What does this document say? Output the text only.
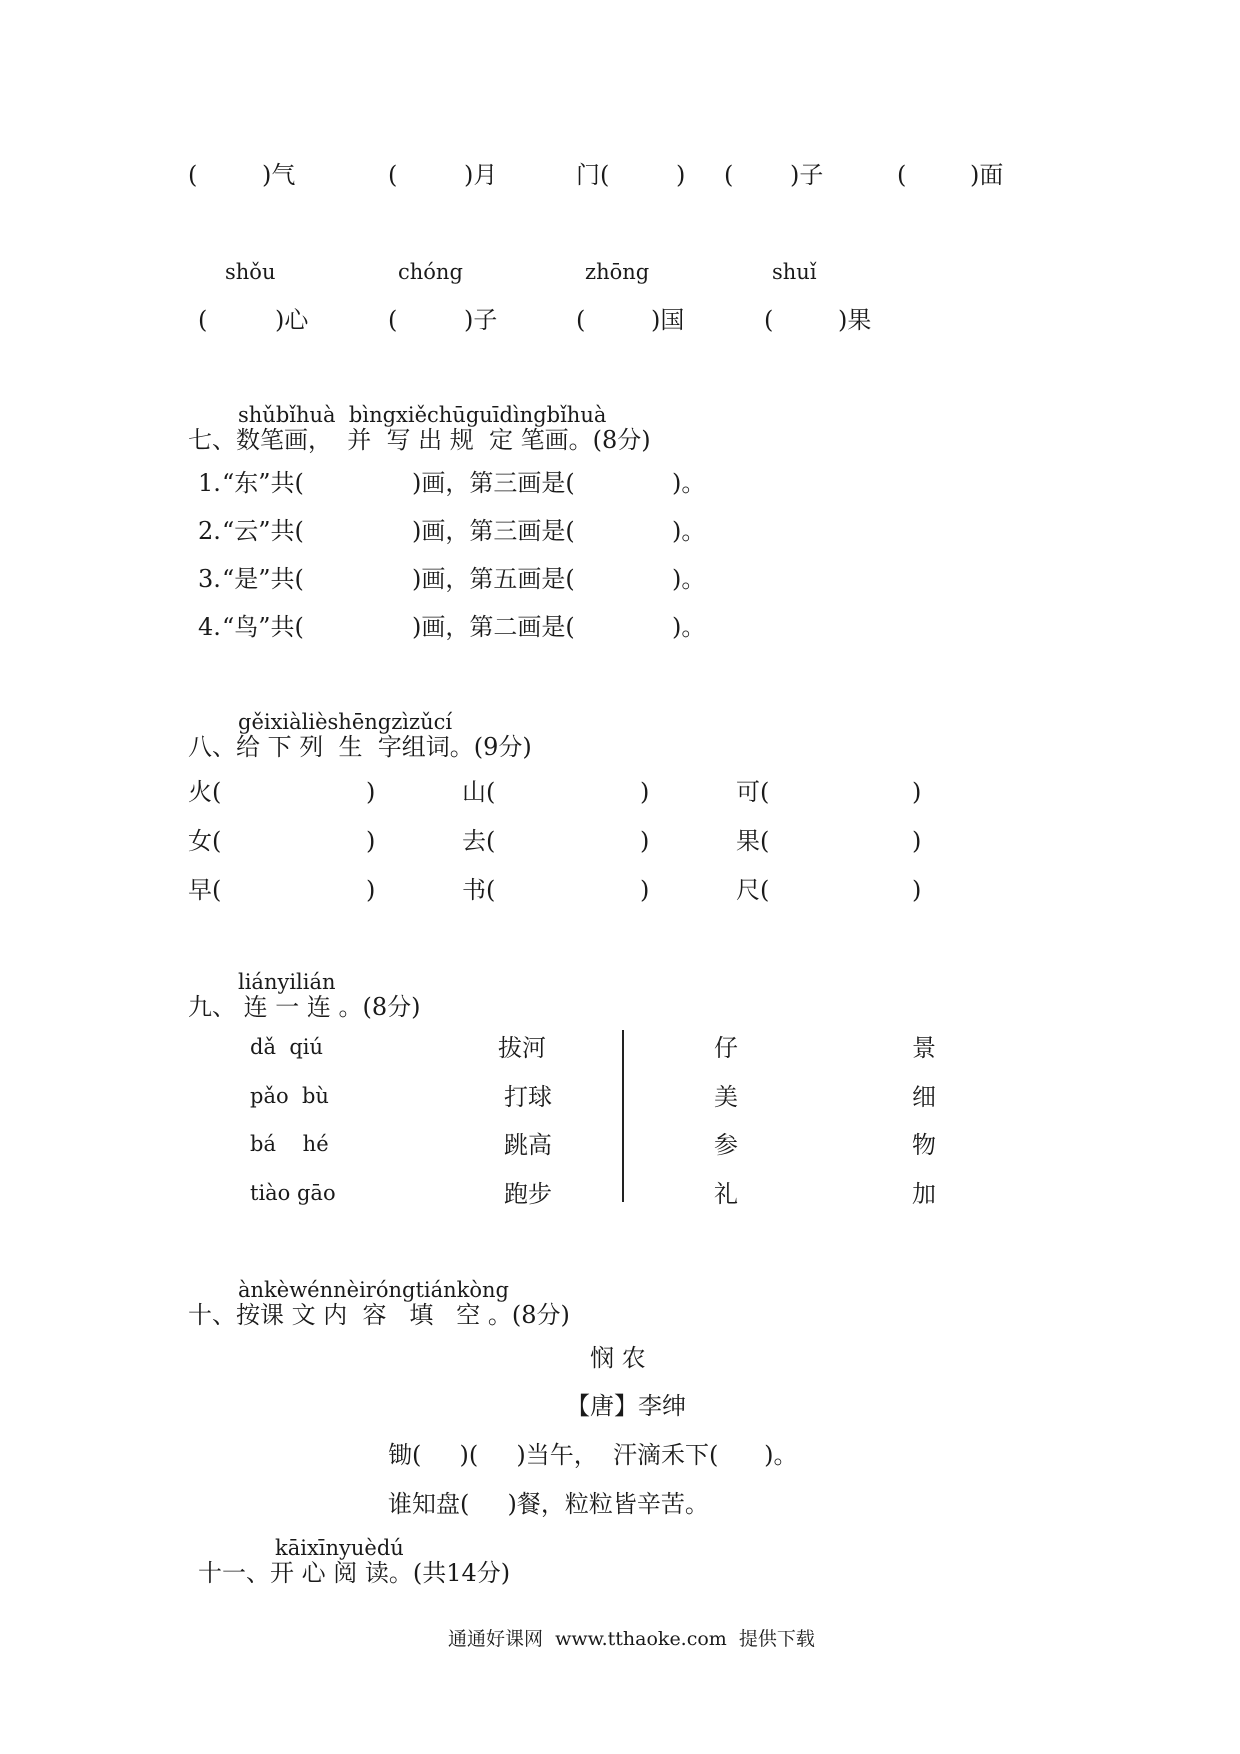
(	)气	(	)月	门(	) ( )子	(	)面
shǒu	chóng	zhōng	shuǐ
(	)心	(	)子	(	)国	(	)果
shǔbǐhuà  bìngxiěchūguīdìngbǐhuà
七、数笔画，  并  写 出 规  定 笔画。(8分)
1. “东”共(	)画，第三画是(	)。
2. “云”共(	)画，第三画是(	)。
3. “是”共(	)画，第五画是(	)。
4. “鸟”共(	)画，第二画是(	)。
gěixiàlièshēngzìzǔcí
八、给 下 列  生  字组词。(9分)
火(	)	山(	)	可(	)
女(	)	去(	)	果(	)
早(	)	书(	)	尺(	)
liányilián
九、 连 一 连 。(8分)
dǎ  qiú	拔河	仔	景
pǎo  bù	打球	美	细
bá    hé	跳高	参	物
tiào gāo	跑步	礼	加
ànkèwénnèiróngtiánkòng
十、按课 文 内  容   填   空 。(8分)
悯 农
【唐】李绅
锄(     )(     )当午，  汗滴禾下(      )。
谁知盘(     )餐，粒粒皆辛苦。
kāixīnyuèdú
十一、开 心 阅 读。(共14分)
通通好课网  www.tthaoke.com  提供下载
